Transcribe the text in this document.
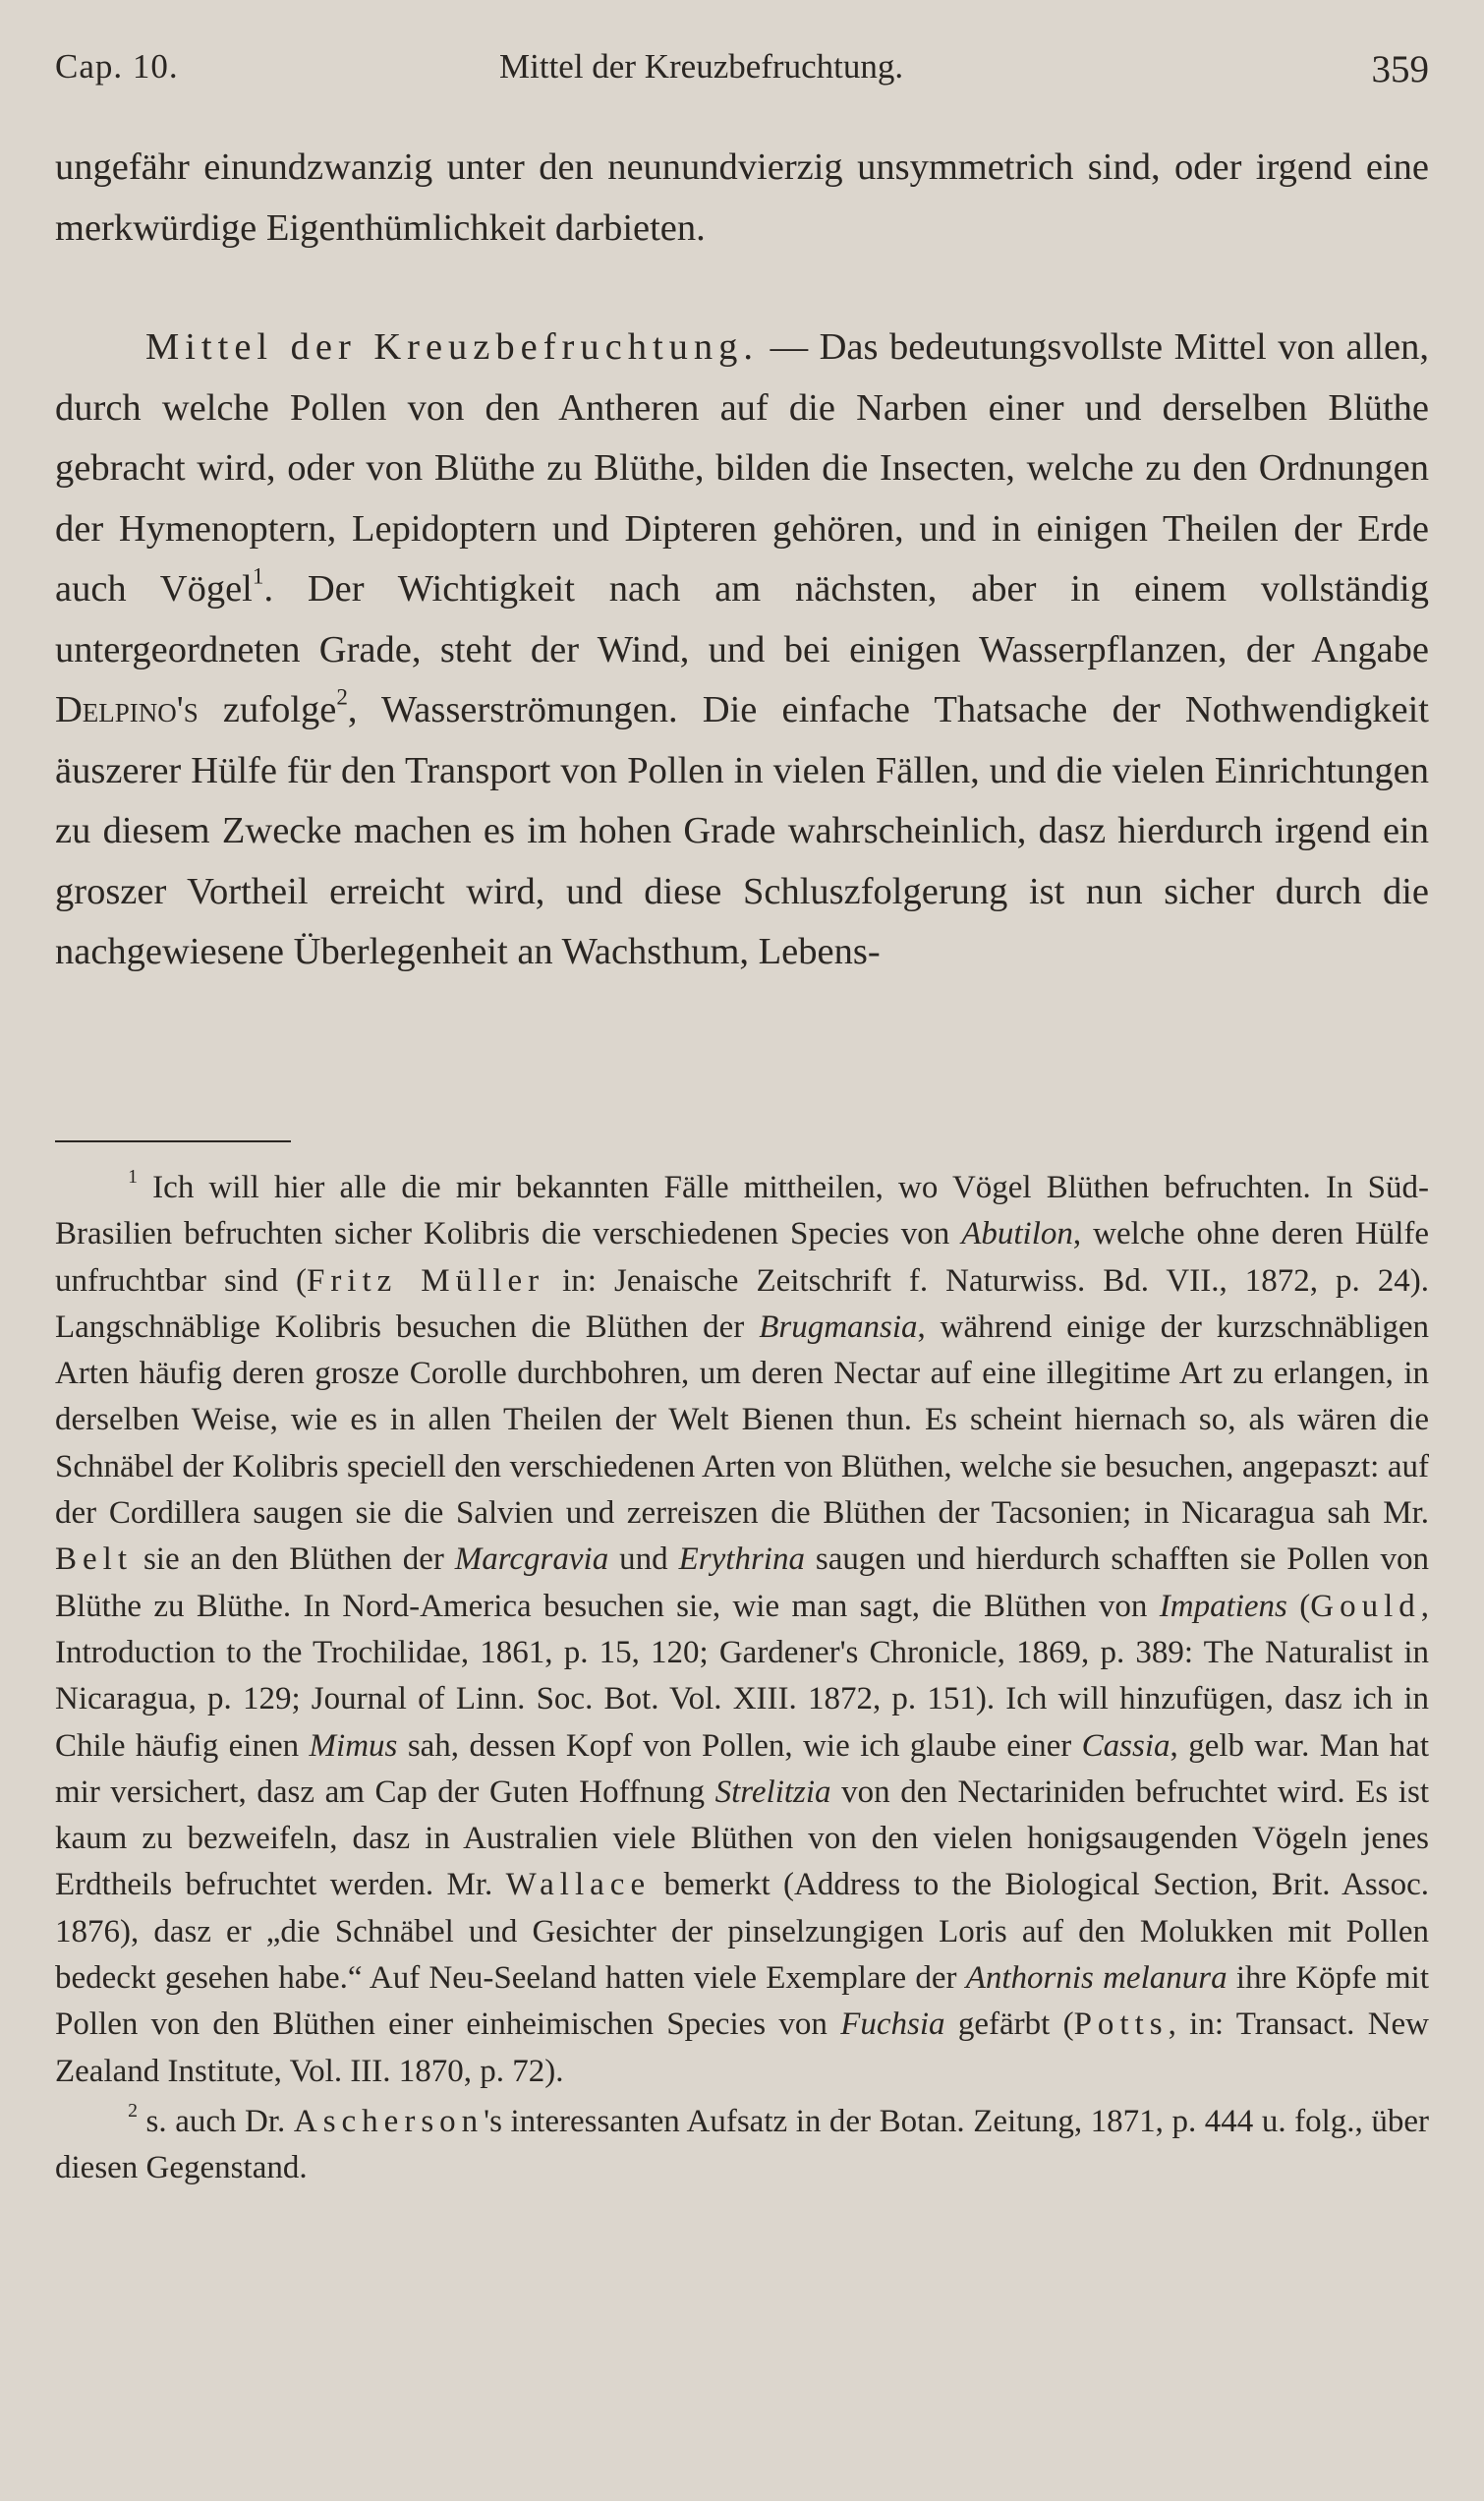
Cap. 10.	Mittel der Kreuzbefruchtung.	359

ungefähr einundzwanzig unter den neunundvierzig unsymmetrich sind, oder irgend eine merkwürdige Eigenthümlichkeit darbieten.

Mittel der Kreuzbefruchtung. — Das bedeutungsvollste Mittel von allen, durch welche Pollen von den Antheren auf die Narben einer und derselben Blüthe gebracht wird, oder von Blüthe zu Blüthe, bilden die Insecten, welche zu den Ordnungen der Hymenoptern, Lepidoptern und Dipteren gehören, und in einigen Theilen der Erde auch Vögel$^1$. Der Wichtigkeit nach am nächsten, aber in einem vollständig untergeordneten Grade, steht der Wind, und bei einigen Wasserpflanzen, der Angabe Delpino's zufolge$^2$, Wasserströmungen. Die einfache Thatsache der Nothwendigkeit äuszerer Hülfe für den Transport von Pollen in vielen Fällen, und die vielen Einrichtungen zu diesem Zwecke machen es im hohen Grade wahrscheinlich, dasz hierdurch irgend ein groszer Vortheil erreicht wird, und diese Schluszfolgerung ist nun sicher durch die nachgewiesene Überlegenheit an Wachsthum, Lebens-

$^1$ Ich will hier alle die mir bekannten Fälle mittheilen, wo Vögel Blüthen befruchten. In Süd-Brasilien befruchten sicher Kolibris die verschiedenen Species von Abutilon, welche ohne deren Hülfe unfruchtbar sind (Fritz Müller in: Jenaische Zeitschrift f. Naturwiss. Bd. VII., 1872, p. 24). Langschnäblige Kolibris besuchen die Blüthen der Brugmansia, während einige der kurzschnäbligen Arten häufig deren grosze Corolle durchbohren, um deren Nectar auf eine illegitime Art zu erlangen, in derselben Weise, wie es in allen Theilen der Welt Bienen thun. Es scheint hiernach so, als wären die Schnäbel der Kolibris speciell den verschiedenen Arten von Blüthen, welche sie besuchen, angepaszt: auf der Cordillera saugen sie die Salvien und zerreiszen die Blüthen der Tacsonien; in Nicaragua sah Mr. Belt sie an den Blüthen der Marcgravia und Erythrina saugen und hierdurch schafften sie Pollen von Blüthe zu Blüthe. In Nord-America besuchen sie, wie man sagt, die Blüthen von Impatiens (Gould, Introduction to the Trochilidae, 1861, p. 15, 120; Gardener's Chronicle, 1869, p. 389: The Naturalist in Nicaragua, p. 129; Journal of Linn. Soc. Bot. Vol. XIII. 1872, p. 151). Ich will hinzufügen, dasz ich in Chile häufig einen Mimus sah, dessen Kopf von Pollen, wie ich glaube einer Cassia, gelb war. Man hat mir versichert, dasz am Cap der Guten Hoffnung Strelitzia von den Nectariniden befruchtet wird. Es ist kaum zu bezweifeln, dasz in Australien viele Blüthen von den vielen honigsaugenden Vögeln jenes Erdtheils befruchtet werden. Mr. Wallace bemerkt (Address to the Biological Section, Brit. Assoc. 1876), dasz er „die Schnäbel und Gesichter der pinselzungigen Loris auf den Molukken mit Pollen bedeckt gesehen habe.“ Auf Neu-Seeland hatten viele Exemplare der Anthornis melanura ihre Köpfe mit Pollen von den Blüthen einer einheimischen Species von Fuchsia gefärbt (Potts, in: Transact. New Zealand Institute, Vol. III. 1870, p. 72).

$^2$ s. auch Dr. Ascherson's interessanten Aufsatz in der Botan. Zeitung, 1871, p. 444 u. folg., über diesen Gegenstand.
